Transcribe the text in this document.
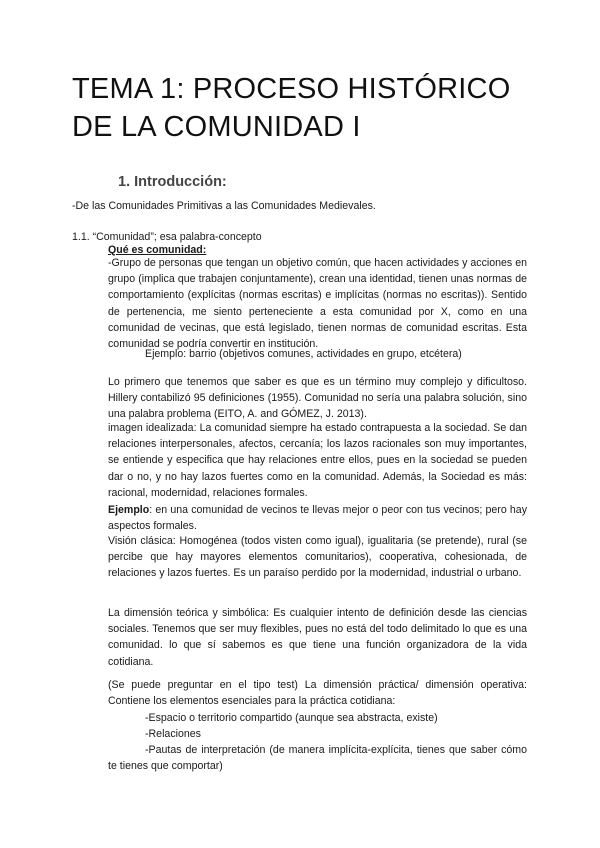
TEMA 1: PROCESO HISTÓRICO DE LA COMUNIDAD I
1. Introducción:

-De las Comunidades Primitivas a las Comunidades Medievales.

1.1. “Comunidad”; esa palabra-concepto

Qué es comunidad:

-Grupo de personas que tengan un objetivo común, que hacen actividades y acciones en grupo (implica que trabajen conjuntamente), crean una identidad, tienen unas normas de comportamiento (explícitas (normas escritas) e implícitas (normas no escritas)). Sentido de pertenencia, me siento perteneciente a esta comunidad por X, como en una comunidad de vecinas, que está legislado, tienen normas de comunidad escritas. Esta comunidad se podría convertir en institución.

Ejemplo: barrio (objetivos comunes, actividades en grupo, etcétera)

Lo primero que tenemos que saber es que es un término muy complejo y dificultoso. Hillery contabilizó 95 definiciones (1955). Comunidad no sería una palabra solución, sino una palabra problema (EITO, A. and GÓMEZ, J. 2013).

imagen idealizada: La comunidad siempre ha estado contrapuesta a la sociedad. Se dan relaciones interpersonales, afectos, cercanía; los lazos racionales son muy importantes, se entiende y especifica que hay relaciones entre ellos, pues en la sociedad se pueden dar o no, y no hay lazos fuertes como en la comunidad. Además, la Sociedad es más: racional, modernidad, relaciones formales.

Ejemplo: en una comunidad de vecinos te llevas mejor o peor con tus vecinos; pero hay aspectos formales.

Visión clásica: Homogénea (todos visten como igual), igualitaria (se pretende), rural (se percibe que hay mayores elementos comunitarios), cooperativa, cohesionada, de relaciones y lazos fuertes. Es un paraíso perdido por la modernidad, industrial o urbano.

La dimensión teórica y simbólica: Es cualquier intento de definición desde las ciencias sociales. Tenemos que ser muy flexibles, pues no está del todo delimitado lo que es una comunidad. lo que sí sabemos es que tiene una función organizadora de la vida cotidiana.

(Se puede preguntar en el tipo test) La dimensión práctica/ dimensión operativa: Contiene los elementos esenciales para la práctica cotidiana:

-Espacio o territorio compartido (aunque sea abstracta, existe)

-Relaciones

-Pautas de interpretación (de manera implícita-explícita, tienes que saber cómo te tienes que comportar)
